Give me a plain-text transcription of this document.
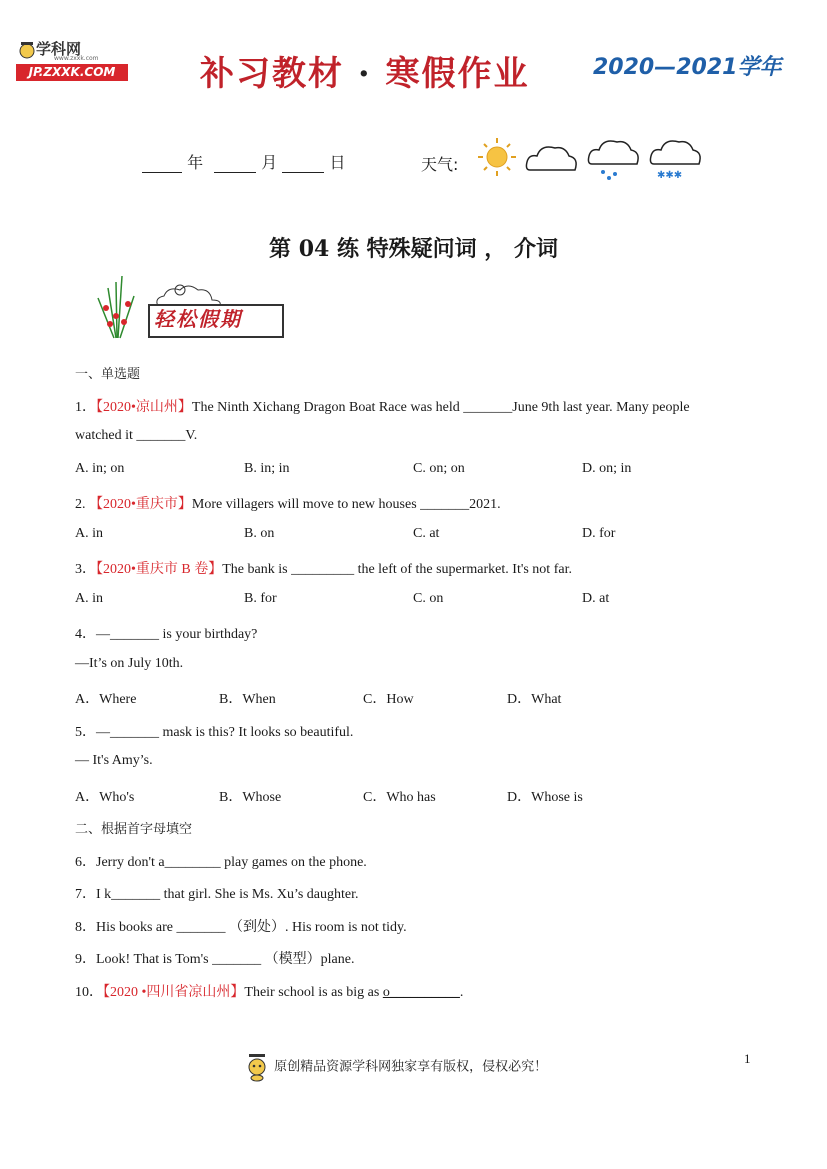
学科网
www.zxxk.com
JP.ZXXK.COM	补习教材 · 寒假作业	2020—2021学年
年	月	日	天气:
✱✱✱
第 04 练 特殊疑问词 ， 介词
轻松假期
一、单选题
1．【2020•凉山州】The Ninth Xichang Dragon Boat Race was held _______June 9th last year. Many people
watched it _______V.
A. in; on	B. in; in	C. on; on	D. on; in
2. 【2020•重庆市】More villagers will move to new houses _______2021.
A. in	B. on	C. at	D. for
3．【2020•重庆市 B 卷】The bank is _________ the left of the supermarket. It's not far.
A. in	B. for	C. on	D. at
4．—_______ is your birthday?
—It’s on July 10th.
A．Where	B．When	C．How	D．What
5．—_______ mask is this? It looks so beautiful.
— It's Amy’s.
A．Who's	B．Whose	C．Who has	D．Whose is
二、根据首字母填空
6．Jerry don't a________ play games on the phone.
7．I k_______ that girl. She is Ms. Xu’s daughter.
8．His books are _______ （到处）. His room is not tidy.
9．Look! That is Tom's _______ （模型）plane.
10．【2020 •四川省凉山州】Their school is as big as o__________.
1
原创精品资源学科网独家享有版权，侵权必究！
